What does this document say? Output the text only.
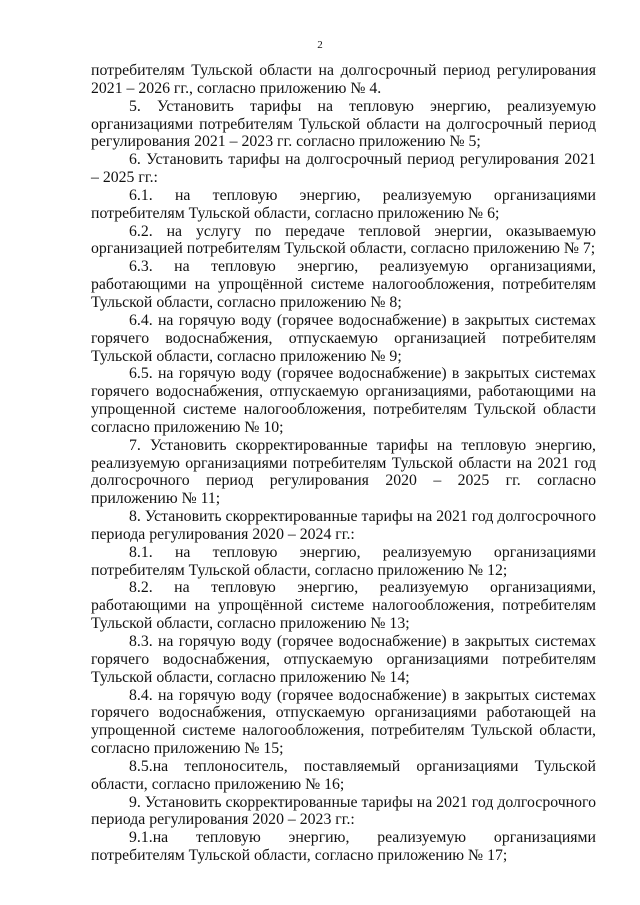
2

потребителям Тульской области на долгосрочный период регулирования 2021 – 2026 гг., согласно приложению № 4.

5. Установить тарифы на тепловую энергию, реализуемую организациями потребителям Тульской области на долгосрочный период регулирования 2021 – 2023 гг. согласно приложению № 5;

6. Установить тарифы на долгосрочный период регулирования 2021 – 2025 гг.:

6.1. на тепловую энергию, реализуемую организациями потребителям Тульской области, согласно приложению № 6;

6.2. на услугу по передаче тепловой энергии, оказываемую организацией потребителям Тульской области, согласно приложению № 7;

6.3. на тепловую энергию, реализуемую организациями, работающими на упрощённой системе налогообложения, потребителям Тульской области, согласно приложению № 8;

6.4. на горячую воду (горячее водоснабжение) в закрытых системах горячего водоснабжения, отпускаемую организацией потребителям Тульской области, согласно приложению № 9;

6.5. на горячую воду (горячее водоснабжение) в закрытых системах горячего водоснабжения, отпускаемую организациями, работающими на упрощенной системе налогообложения, потребителям Тульской области согласно приложению № 10;

7. Установить скорректированные тарифы на тепловую энергию, реализуемую организациями потребителям Тульской области на 2021 год долгосрочного период регулирования 2020 – 2025 гг. согласно приложению № 11;

8. Установить скорректированные тарифы на 2021 год долгосрочного периода регулирования 2020 – 2024 гг.:

8.1. на тепловую энергию, реализуемую организациями потребителям Тульской области, согласно приложению № 12;

8.2. на тепловую энергию, реализуемую организациями, работающими на упрощённой системе налогообложения, потребителям Тульской области, согласно приложению № 13;

8.3. на горячую воду (горячее водоснабжение) в закрытых системах горячего водоснабжения, отпускаемую организациями потребителям Тульской области, согласно приложению № 14;

8.4. на горячую воду (горячее водоснабжение) в закрытых системах горячего водоснабжения, отпускаемую организациями работающей на упрощенной системе налогообложения, потребителям Тульской области, согласно приложению № 15;

8.5.на теплоноситель, поставляемый организациями Тульской области, согласно приложению № 16;

9. Установить скорректированные тарифы на 2021 год долгосрочного периода регулирования 2020 – 2023 гг.:

9.1.на тепловую энергию, реализуемую организациями потребителям Тульской области, согласно приложению № 17;
